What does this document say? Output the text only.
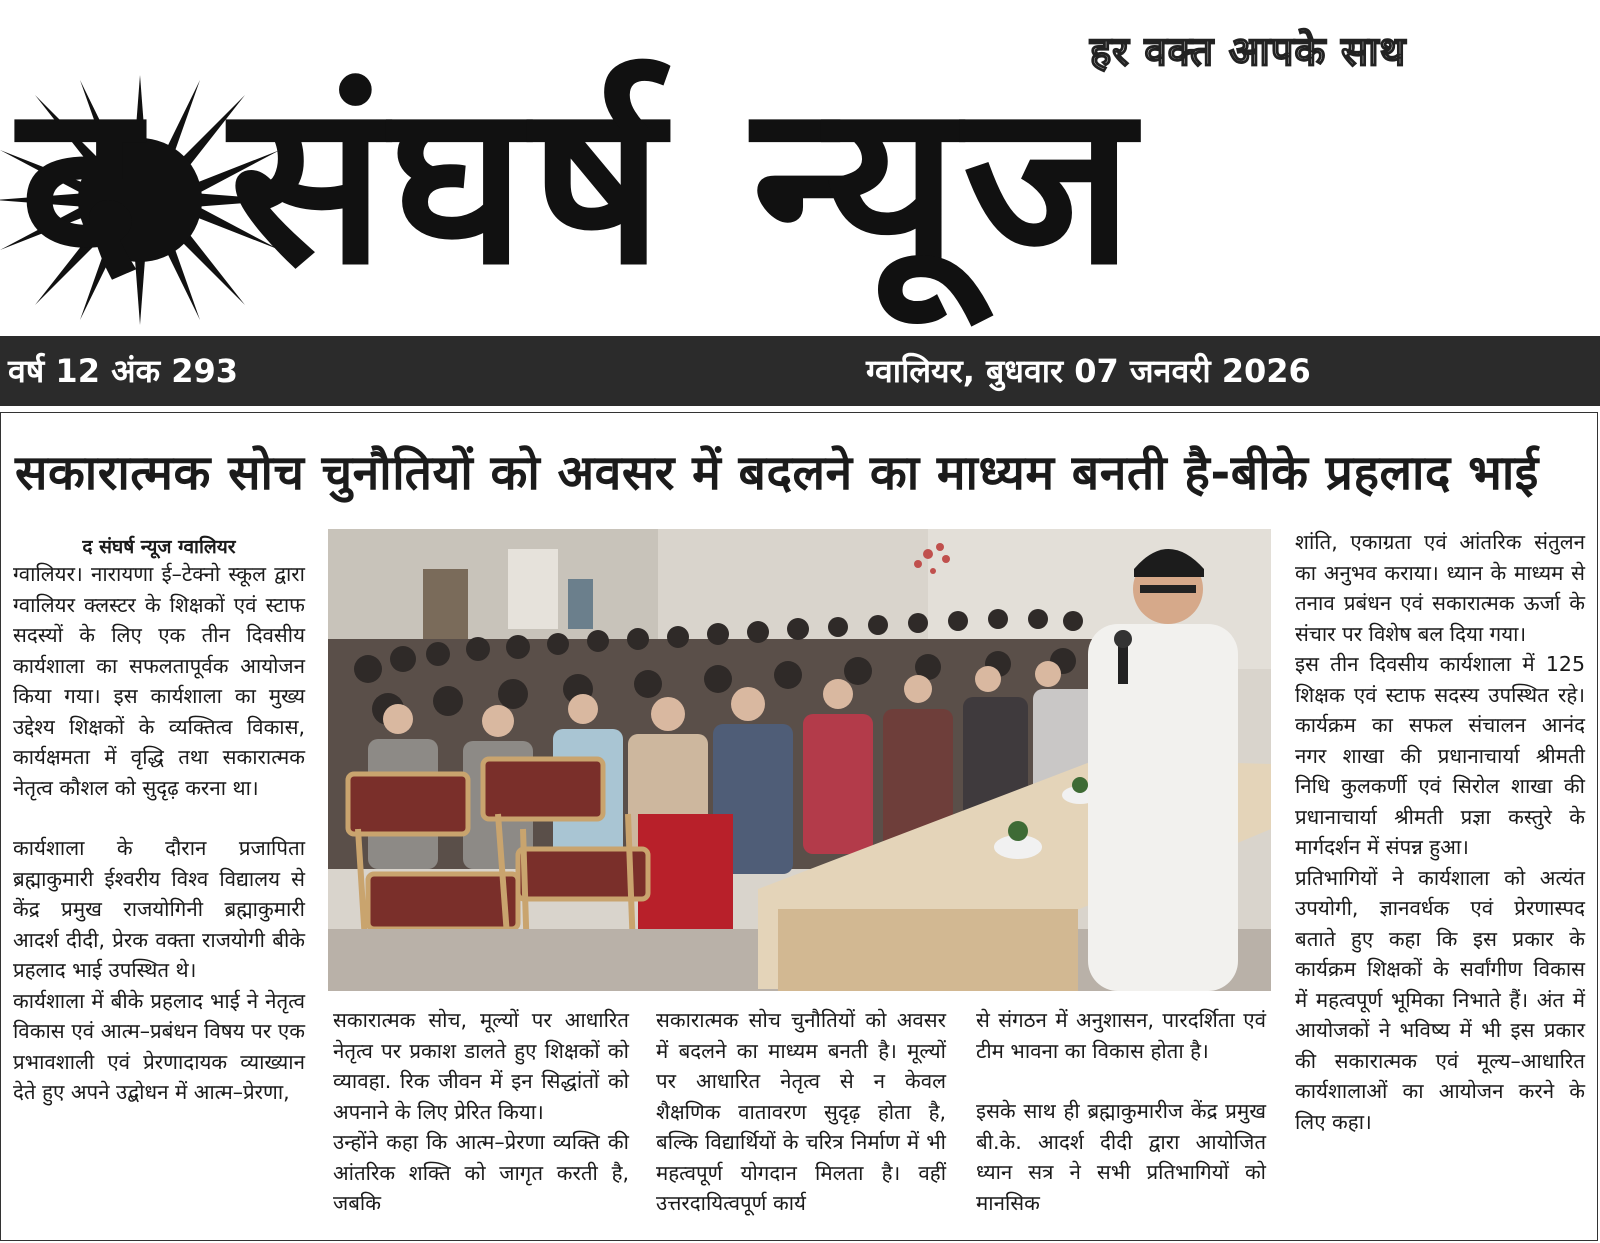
हर वक्त आपके साथ
द संघर्ष न्यूज
वर्ष 12 अंक 293	ग्वालियर, बुधवार 07 जनवरी 2026
सकारात्मक सोच चुनौतियों को अवसर में बदलने का माध्यम बनती है-बीके प्रहलाद भाई

द संघर्ष न्यूज ग्वालियर

ग्वालियर। नारायणा ई–टेक्नो स्कूल द्वारा ग्वालियर क्लस्टर के शिक्षकों एवं स्टाफ सदस्यों के लिए एक तीन दिवसीय कार्यशाला का सफलतापूर्वक आयोजन किया गया। इस कार्यशाला का मुख्य उद्देश्य शिक्षकों के व्यक्तित्व विकास, कार्यक्षमता में वृद्धि तथा सकारात्मक नेतृत्व कौशल को सुदृढ़ करना था।

कार्यशाला के दौरान प्रजापिता ब्रह्माकुमारी ईश्वरीय विश्व विद्यालय से केंद्र प्रमुख राजयोगिनी ब्रह्माकुमारी आदर्श दीदी, प्रेरक वक्ता राजयोगी बीके प्रहलाद भाई उपस्थित थे।

कार्यशाला में बीके प्रहलाद भाई ने नेतृत्व विकास एवं आत्म–प्रबंधन विषय पर एक प्रभावशाली एवं प्रेरणादायक व्याख्यान देते हुए अपने उद्बोधन में आत्म–प्रेरणा,

सकारात्मक सोच, मूल्यों पर आधारित नेतृत्व पर प्रकाश डालते हुए शिक्षकों को व्यावहा. रिक जीवन में इन सिद्धांतों को अपनाने के लिए प्रेरित किया।

उन्होंने कहा कि आत्म–प्रेरणा व्यक्ति की आंतरिक शक्ति को जागृत करती है, जबकि

सकारात्मक सोच चुनौतियों को अवसर में बदलने का माध्यम बनती है। मूल्यों पर आधारित नेतृत्व से न केवल शैक्षणिक वातावरण सुदृढ़ होता है, बल्कि विद्यार्थियों के चरित्र निर्माण में भी महत्वपूर्ण योगदान मिलता है। वहीं उत्तरदायित्वपूर्ण कार्य

से संगठन में अनुशासन, पारदर्शिता एवं टीम भावना का विकास होता है।

इसके साथ ही ब्रह्माकुमारीज केंद्र प्रमुख बी.के. आदर्श दीदी द्वारा आयोजित ध्यान सत्र ने सभी प्रतिभागियों को मानसिक

शांति, एकाग्रता एवं आंतरिक संतुलन का अनुभव कराया। ध्यान के माध्यम से तनाव प्रबंधन एवं सकारात्मक ऊर्जा के संचार पर विशेष बल दिया गया।

इस तीन दिवसीय कार्यशाला में 125 शिक्षक एवं स्टाफ सदस्य उपस्थित रहे। कार्यक्रम का सफल संचालन आनंद नगर शाखा की प्रधानाचार्या श्रीमती निधि कुलकर्णी एवं सिरोल शाखा की प्रधानाचार्या श्रीमती प्रज्ञा कस्तुरे के मार्गदर्शन में संपन्न हुआ।

प्रतिभागियों ने कार्यशाला को अत्यंत उपयोगी, ज्ञानवर्धक एवं प्रेरणास्पद बताते हुए कहा कि इस प्रकार के कार्यक्रम शिक्षकों के सर्वांगीण विकास में महत्वपूर्ण भूमिका निभाते हैं। अंत में आयोजकों ने भविष्य में भी इस प्रकार की सकारात्मक एवं मूल्य–आधारित कार्यशालाओं का आयोजन करने के लिए कहा।
